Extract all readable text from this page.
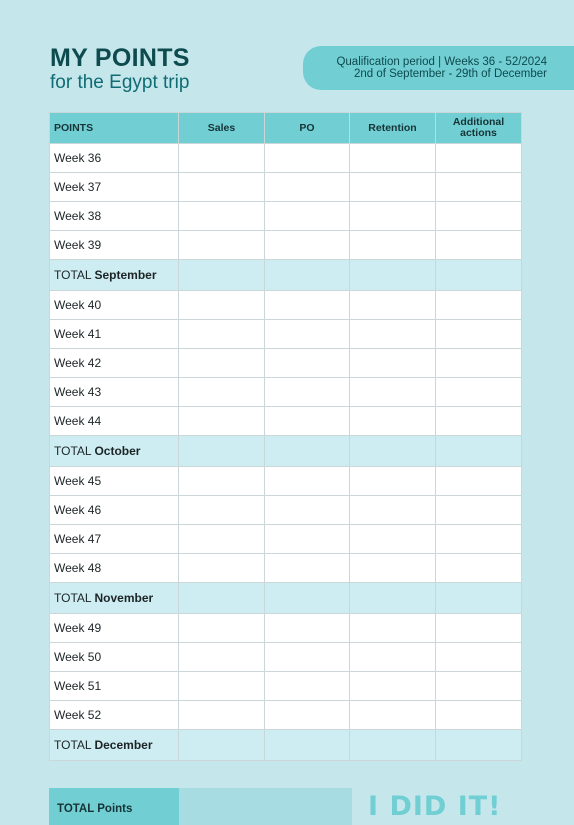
MY POINTS
for the Egypt trip
Qualification period | Weeks 36 - 52/2024
2nd of September - 29th of December
POINTS	Sales	PO	Retention	Additional actions
Week 36				
Week 37				
Week 38				
Week 39				
TOTAL September				
Week 40				
Week 41				
Week 42				
Week 43				
Week 44				
TOTAL October				
Week 45				
Week 46				
Week 47				
Week 48				
TOTAL November				
Week 49				
Week 50				
Week 51				
Week 52				
TOTAL December				
TOTAL Points	I DID IT!
